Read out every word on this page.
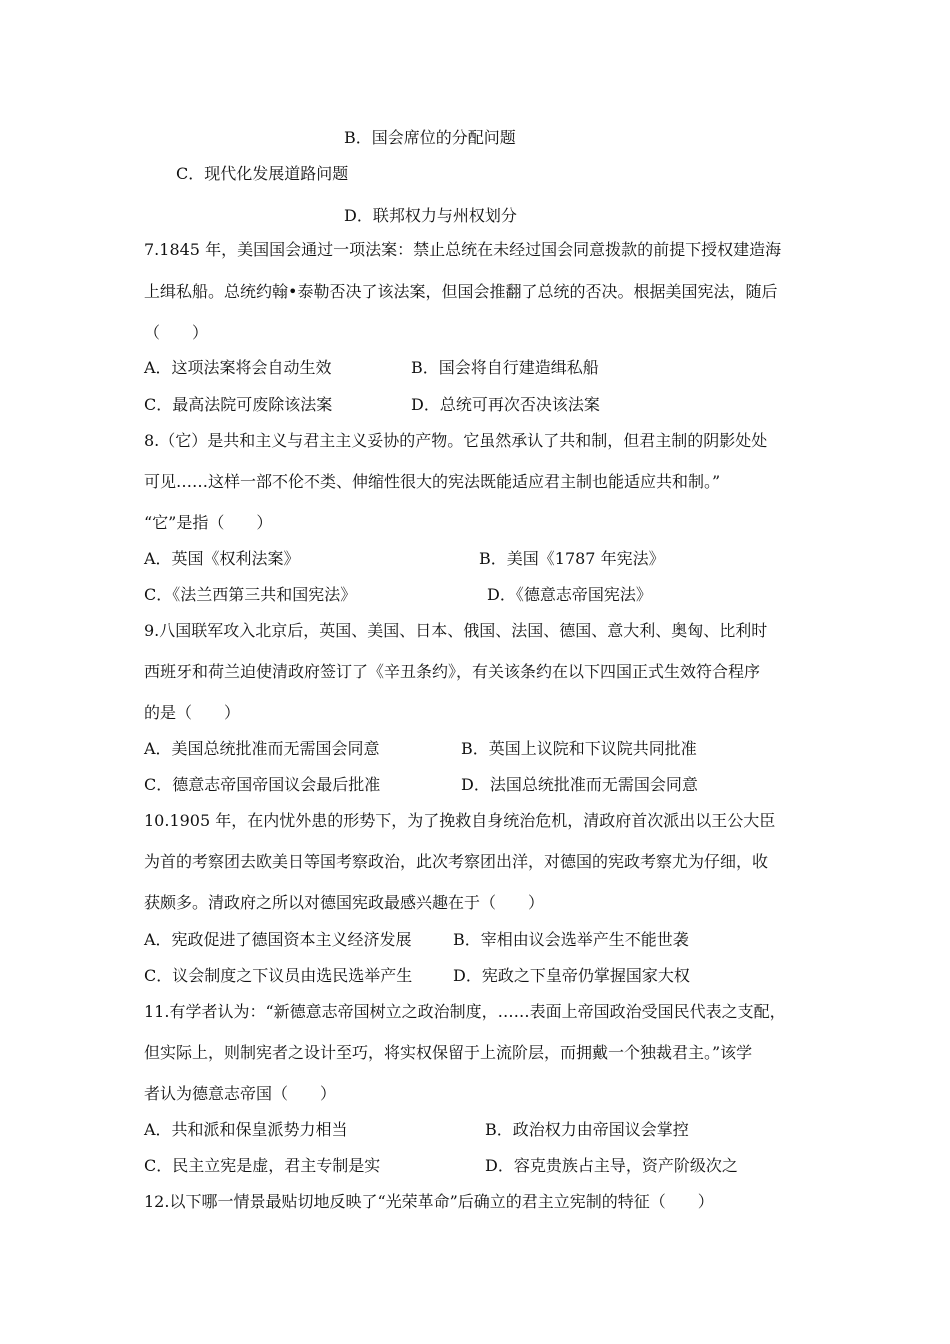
B．国会席位的分配问题
C．现代化发展道路问题
D．联邦权力与州权划分
7.1845 年，美国国会通过一项法案：禁止总统在未经过国会同意拨款的前提下授权建造海
上缉私船。总统约翰•泰勒否决了该法案，但国会推翻了总统的否决。根据美国宪法，随后
（　　）
A．这项法案将会自动生效	B．国会将自行建造缉私船
C．最高法院可废除该法案	D．总统可再次否决该法案
8.（它）是共和主义与君主主义妥协的产物。它虽然承认了共和制，但君主制的阴影处处
可见……这样一部不伦不类、伸缩性很大的宪法既能适应君主制也能适应共和制。”
“它”是指（　　）
A．英国《权利法案》	B．美国《1787 年宪法》
C．《法兰西第三共和国宪法》	D．《德意志帝国宪法》
9.八国联军攻入北京后，英国、美国、日本、俄国、法国、德国、意大利、奥匈、比利时
西班牙和荷兰迫使清政府签订了《辛丑条约》，有关该条约在以下四国正式生效符合程序
的是（　　）
A．美国总统批准而无需国会同意	B．英国上议院和下议院共同批准
C．德意志帝国帝国议会最后批准	D．法国总统批准而无需国会同意
10.1905 年，在内忧外患的形势下，为了挽救自身统治危机，清政府首次派出以王公大臣
为首的考察团去欧美日等国考察政治，此次考察团出洋，对德国的宪政考察尤为仔细，收
获颇多。清政府之所以对德国宪政最感兴趣在于（　　）
A．宪政促进了德国资本主义经济发展	B．宰相由议会选举产生不能世袭
C．议会制度之下议员由选民选举产生	D．宪政之下皇帝仍掌握国家大权
11.有学者认为：“新德意志帝国树立之政治制度，……表面上帝国政治受国民代表之支配，
但实际上，则制宪者之设计至巧，将实权保留于上流阶层，而拥戴一个独裁君主。”该学
者认为德意志帝国（　　）
A．共和派和保皇派势力相当	B．政治权力由帝国议会掌控
C．民主立宪是虚，君主专制是实	D．容克贵族占主导，资产阶级次之
12.以下哪一情景最贴切地反映了“光荣革命”后确立的君主立宪制的特征（　　）
